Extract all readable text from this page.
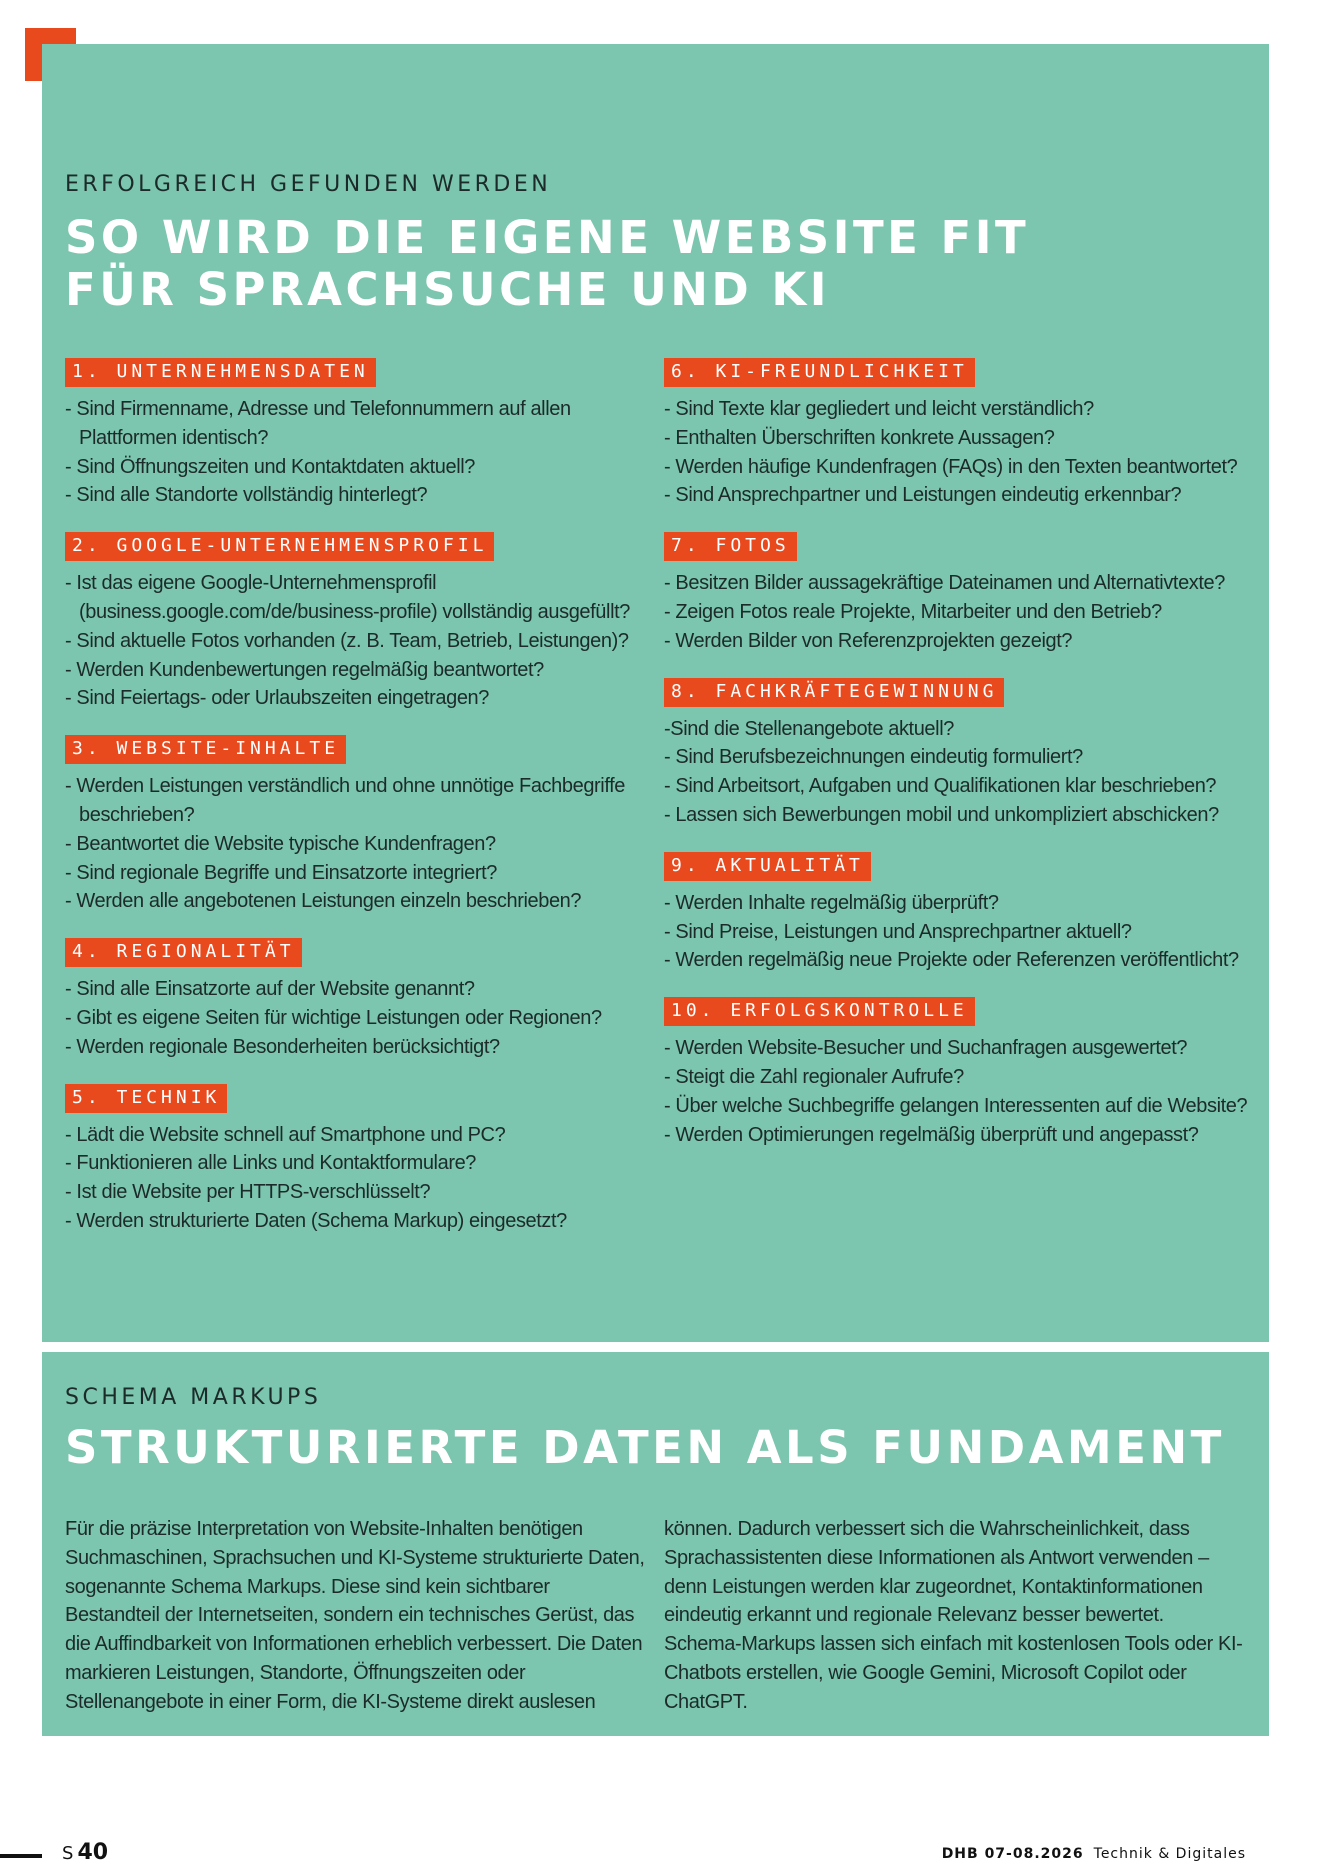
ERFOLGREICH GEFUNDEN WERDEN
SO WIRD DIE EIGENE WEBSITE FIT
FÜR SPRACHSUCHE UND KI
1. UNTERNEHMENSDATEN
- Sind Firmenname, Adresse und Telefonnummern auf allen Plattformen identisch?
- Sind Öffnungszeiten und Kontaktdaten aktuell?
- Sind alle Standorte vollständig hinterlegt?
2. GOOGLE-UNTERNEHMENSPROFIL
- Ist das eigene Google-Unternehmensprofil (business.google.com/de/business-profile) vollständig ausgefüllt?
- Sind aktuelle Fotos vorhanden (z. B. Team, Betrieb, Leistungen)?
- Werden Kundenbewertungen regelmäßig beantwortet?
- Sind Feiertags- oder Urlaubszeiten eingetragen?
3. WEBSITE-INHALTE
- Werden Leistungen verständlich und ohne unnötige Fachbegriffe beschrieben?
- Beantwortet die Website typische Kundenfragen?
- Sind regionale Begriffe und Einsatzorte integriert?
- Werden alle angebotenen Leistungen einzeln beschrieben?
4. REGIONALITÄT
- Sind alle Einsatzorte auf der Website genannt?
- Gibt es eigene Seiten für wichtige Leistungen oder Regionen?
- Werden regionale Besonderheiten berücksichtigt?
5. TECHNIK
- Lädt die Website schnell auf Smartphone und PC?
- Funktionieren alle Links und Kontaktformulare?
- Ist die Website per HTTPS-verschlüsselt?
- Werden strukturierte Daten (Schema Markup) eingesetzt?
6. KI-FREUNDLICHKEIT
- Sind Texte klar gegliedert und leicht verständlich?
- Enthalten Überschriften konkrete Aussagen?
- Werden häufige Kundenfragen (FAQs) in den Texten beantwortet?
- Sind Ansprechpartner und Leistungen eindeutig erkennbar?
7. FOTOS
- Besitzen Bilder aussagekräftige Dateinamen und Alternativtexte?
- Zeigen Fotos reale Projekte, Mitarbeiter und den Betrieb?
- Werden Bilder von Referenzprojekten gezeigt?
8. FACHKRÄFTEGEWINNUNG
-Sind die Stellenangebote aktuell?
- Sind Berufsbezeichnungen eindeutig formuliert?
- Sind Arbeitsort, Aufgaben und Qualifikationen klar beschrieben?
- Lassen sich Bewerbungen mobil und unkompliziert abschicken?
9. AKTUALITÄT
- Werden Inhalte regelmäßig überprüft?
- Sind Preise, Leistungen und Ansprechpartner aktuell?
- Werden regelmäßig neue Projekte oder Referenzen veröffentlicht?
10. ERFOLGSKONTROLLE
- Werden Website-Besucher und Suchanfragen ausgewertet?
- Steigt die Zahl regionaler Aufrufe?
- Über welche Suchbegriffe gelangen Interessenten auf die Website?
- Werden Optimierungen regelmäßig überprüft und angepasst?
SCHEMA MARKUPS
STRUKTURIERTE DATEN ALS FUNDAMENT

Für die präzise Interpretation von Website-Inhalten benötigen Suchmaschinen, Sprachsuchen und KI-Systeme strukturierte Daten, sogenannte Schema Markups. Diese sind kein sichtbarer Bestandteil der Internetseiten, sondern ein technisches Gerüst, das die Auffindbarkeit von Informationen erheblich verbessert. Die Daten markieren Leistungen, Standorte, Öffnungszeiten oder Stellenangebote in einer Form, die KI-Systeme direkt auslesen

können. Dadurch verbessert sich die Wahrscheinlichkeit, dass Sprachassistenten diese Informationen als Antwort verwenden – denn Leistungen werden klar zugeordnet, Kontaktinformationen eindeutig erkannt und regionale Relevanz besser bewertet. Schema-Markups lassen sich einfach mit kostenlosen Tools oder KI-Chatbots erstellen, wie Google Gemini, Microsoft Copilot oder ChatGPT.

S 40	DHB 07-08.2026 Technik & Digitales
